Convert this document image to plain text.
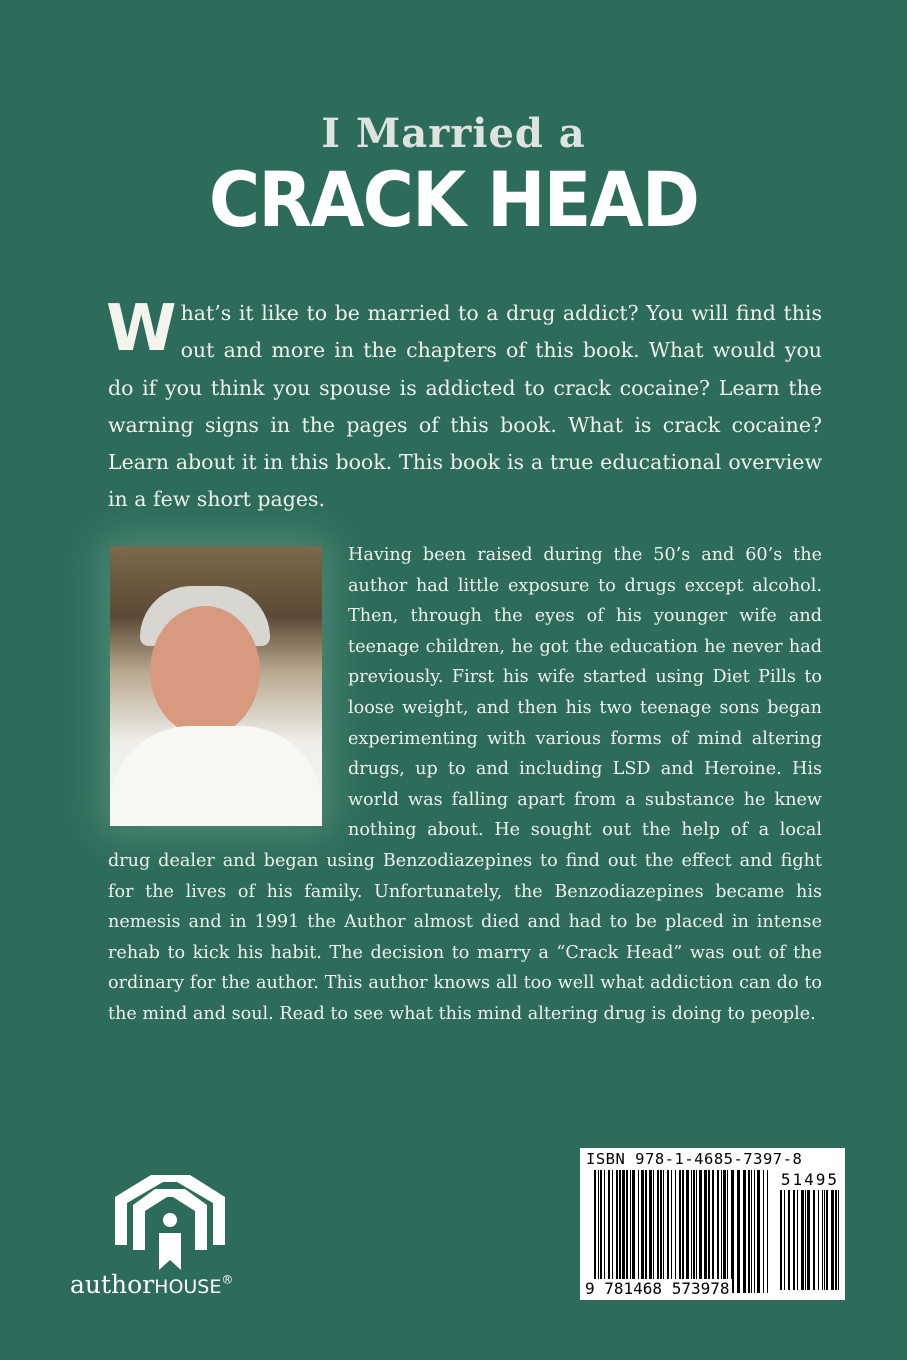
I Married a
CRACK HEAD
W hat’s it like to be married to a drug addict? You will find this out and more in the chapters of this book. What would you do if you think you spouse is addicted to crack cocaine? Learn the warning signs in the pages of this book. What is crack cocaine? Learn about it in this book. This book is a true educational overview in a few short pages.
Having been raised during the 50’s and 60’s the author had little exposure to drugs except alcohol. Then, through the eyes of his younger wife and teenage children, he got the education he never had previously. First his wife started using Diet Pills to loose weight, and then his two teenage sons began experimenting with various forms of mind altering drugs, up to and including LSD and Heroine. His world was falling apart from a substance he knew nothing about. He sought out the help of a local drug dealer and began using Benzodiazepines to find out the effect and fight for the lives of his family. Unfortunately, the Benzodiazepines became his nemesis and in 1991 the Author almost died and had to be placed in intense rehab to kick his habit. The decision to marry a “Crack Head” was out of the ordinary for the author. This author knows all too well what addiction can do to the mind and soul. Read to see what this mind altering drug is doing to people.
authorHOUSE®
ISBN 978-1-4685-7397-8
51495
9 781468 573978
